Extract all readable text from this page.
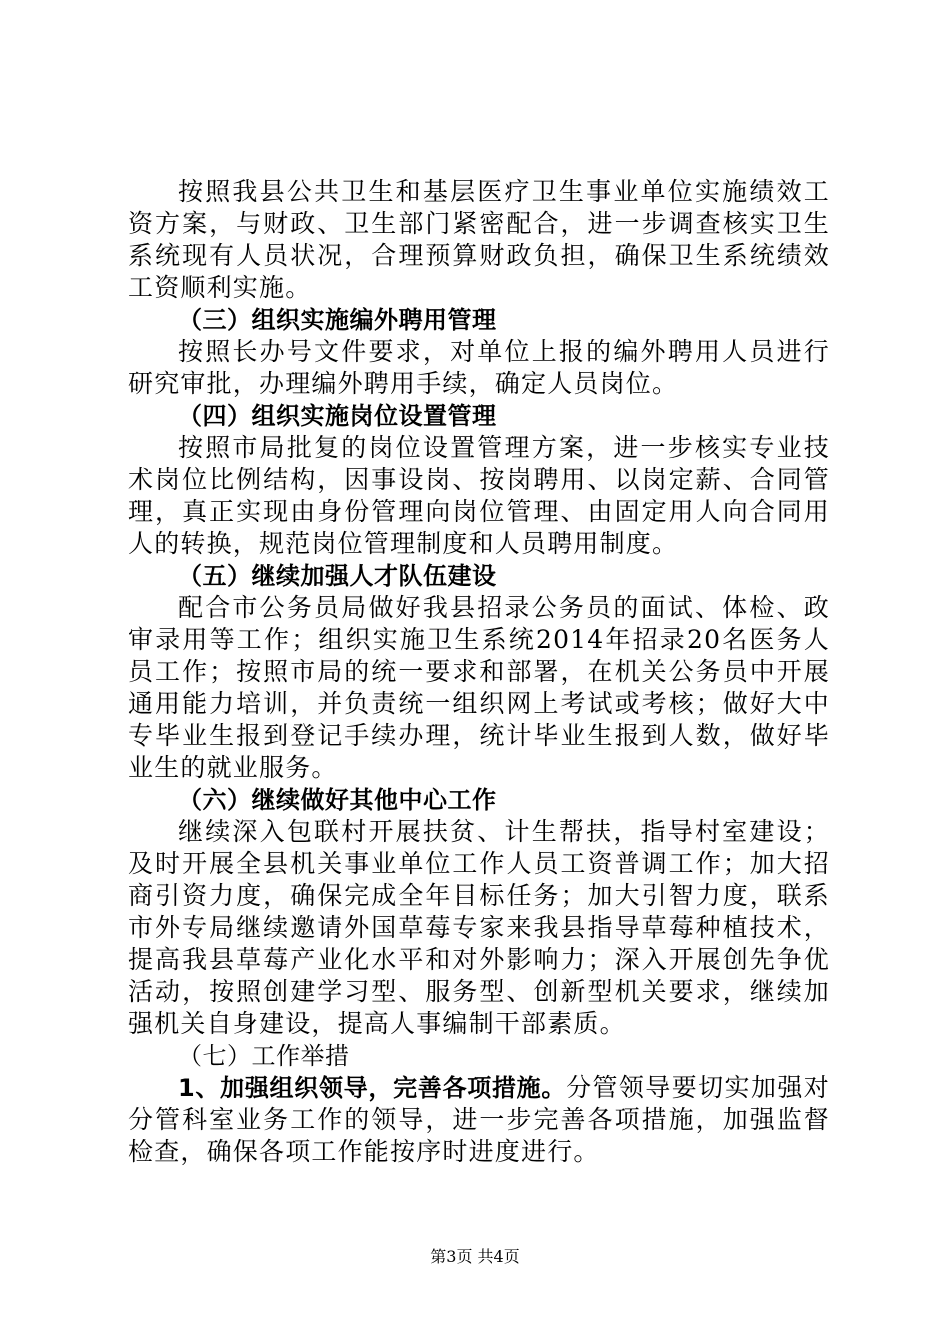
按照我县公共卫生和基层医疗卫生事业单位实施绩效工资方案，与财政、卫生部门紧密配合，进一步调查核实卫生系统现有人员状况，合理预算财政负担，确保卫生系统绩效工资顺利实施。

（三）组织实施编外聘用管理

按照长办号文件要求，对单位上报的编外聘用人员进行研究审批，办理编外聘用手续，确定人员岗位。

（四）组织实施岗位设置管理

按照市局批复的岗位设置管理方案，进一步核实专业技术岗位比例结构，因事设岗、按岗聘用、以岗定薪、合同管理，真正实现由身份管理向岗位管理、由固定用人向合同用人的转换，规范岗位管理制度和人员聘用制度。

（五）继续加强人才队伍建设

配合市公务员局做好我县招录公务员的面试、体检、政审录用等工作；组织实施卫生系统2014年招录20名医务人员工作；按照市局的统一要求和部署，在机关公务员中开展通用能力培训，并负责统一组织网上考试或考核；做好大中专毕业生报到登记手续办理，统计毕业生报到人数，做好毕业生的就业服务。

（六）继续做好其他中心工作

继续深入包联村开展扶贫、计生帮扶，指导村室建设；及时开展全县机关事业单位工作人员工资普调工作；加大招商引资力度，确保完成全年目标任务；加大引智力度，联系市外专局继续邀请外国草莓专家来我县指导草莓种植技术，提高我县草莓产业化水平和对外影响力；深入开展创先争优活动，按照创建学习型、服务型、创新型机关要求，继续加强机关自身建设，提高人事编制干部素质。

（七）工作举措

1、加强组织领导，完善各项措施。分管领导要切实加强对分管科室业务工作的领导，进一步完善各项措施，加强监督检查，确保各项工作能按序时进度进行。

第3页 共4页
